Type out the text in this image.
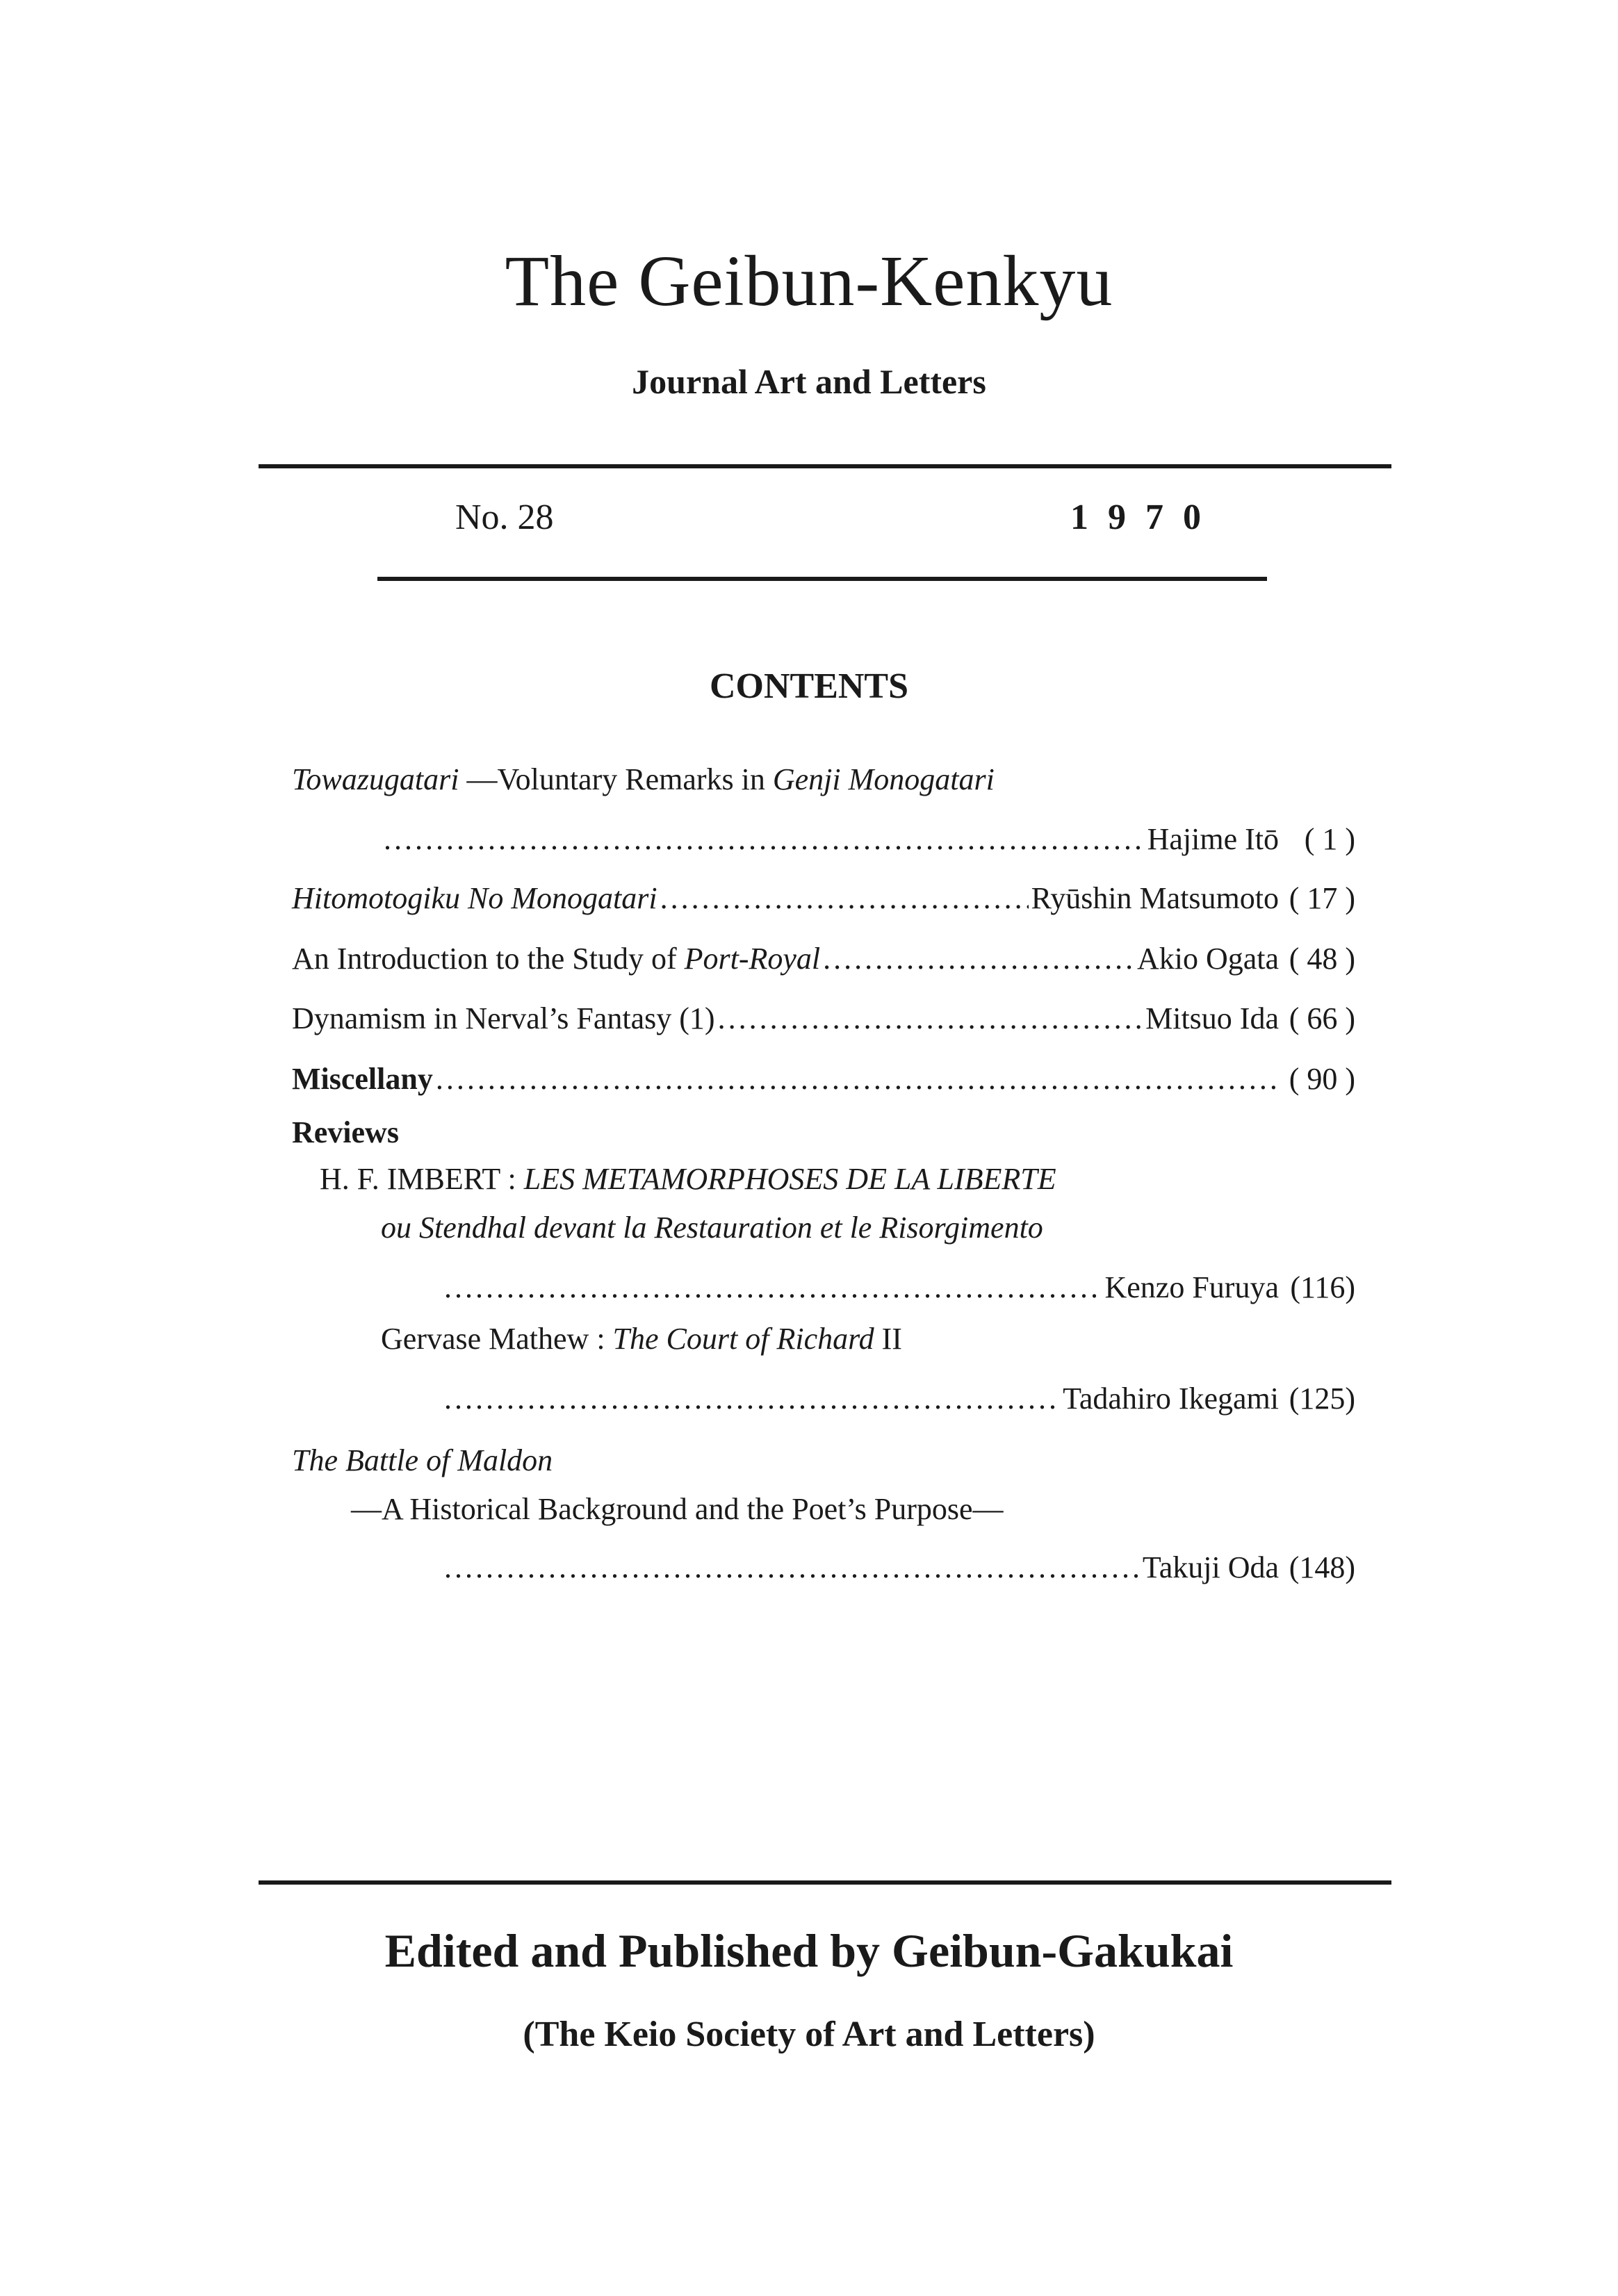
The Geibun-Kenkyu
Journal Art and Letters
No. 28	1970
CONTENTS
Towazugatari —Voluntary Remarks in Genji Monogatari
.....
Hajime Itō ( 1 )
Hitomotogiku No Monogatari .....	Ryūshin Matsumoto ( 17 )
An Introduction to the Study of Port-Royal .....	Akio Ogata ( 48 )
Dynamism in Nerval’s Fantasy (1) .....	Mitsuo Ida ( 66 )
Miscellany
.....	( 90 )
Reviews
H. F. IMBERT : LES METAMORPHOSES DE LA LIBERTE
ou Stendhal devant la Restauration et le Risorgimento
.....
Kenzo Furuya (116)
Gervase Mathew : The Court of Richard II
.....
Tadahiro Ikegami (125)
The Battle of Maldon
—A Historical Background and the Poet’s Purpose—
.....
Takuji Oda (148)
Edited and Published by Geibun-Gakukai
(The Keio Society of Art and Letters)
